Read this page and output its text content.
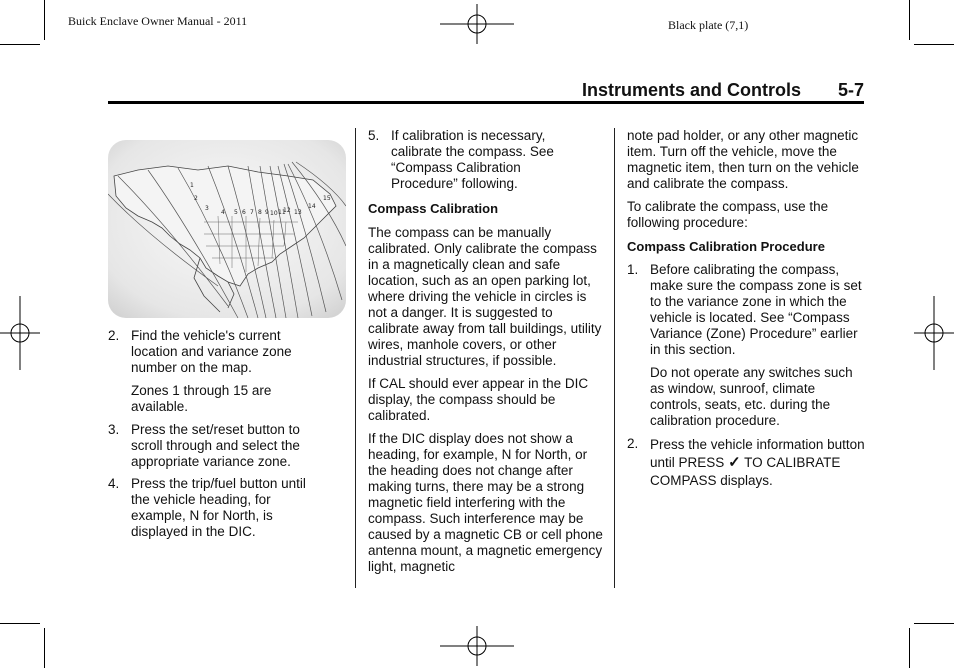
Buick Enclave Owner Manual - 2011	Black plate (7,1)
Instruments and Controls 5-7
1
2
3
4 5 6 7 8 9 10 11
12 13
14
15
2. Find the vehicle's current location and variance zone number on the map.

Zones 1 through 15 are available.

3. Press the set/reset button to scroll through and select the appropriate variance zone.

4. Press the trip/fuel button until the vehicle heading, for example, N for North, is displayed in the DIC.

5. If calibration is necessary, calibrate the compass. See “Compass Calibration Procedure” following.

Compass Calibration

The compass can be manually calibrated. Only calibrate the compass in a magnetically clean and safe location, such as an open parking lot, where driving the vehicle in circles is not a danger. It is suggested to calibrate away from tall buildings, utility wires, manhole covers, or other industrial structures, if possible.

If CAL should ever appear in the DIC display, the compass should be calibrated.

If the DIC display does not show a heading, for example, N for North, or the heading does not change after making turns, there may be a strong magnetic field interfering with the compass. Such interference may be caused by a magnetic CB or cell phone antenna mount, a magnetic emergency light, magnetic

note pad holder, or any other magnetic item. Turn off the vehicle, move the magnetic item, then turn on the vehicle and calibrate the compass.

To calibrate the compass, use the following procedure:

Compass Calibration Procedure

1. Before calibrating the compass, make sure the compass zone is set to the variance zone in which the vehicle is located. See “Compass Variance (Zone) Procedure” earlier in this section.

Do not operate any switches such as window, sunroof, climate controls, seats, etc. during the calibration procedure.

2. Press the vehicle information button until PRESS ✓ TO CALIBRATE COMPASS displays.
